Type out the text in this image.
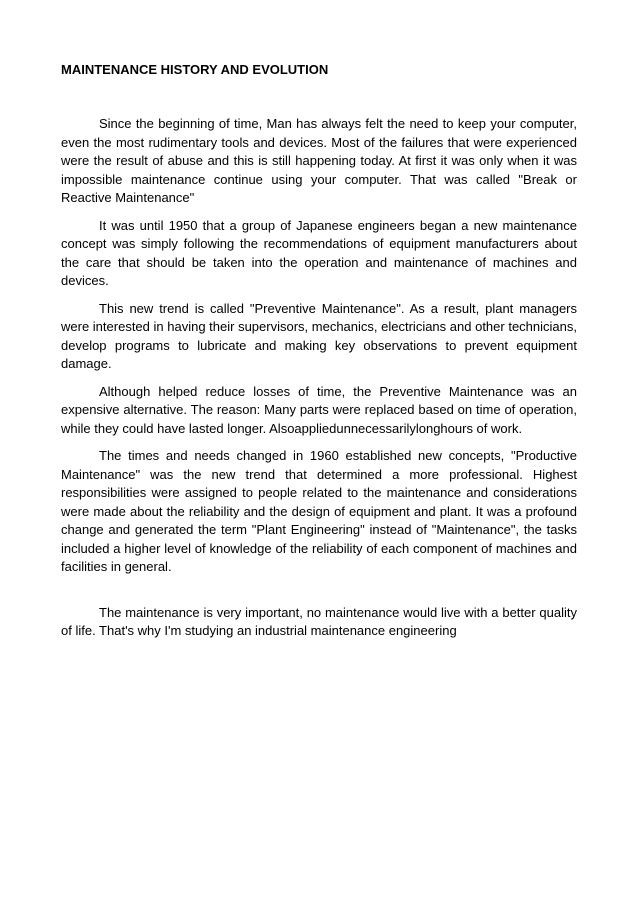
MAINTENANCE HISTORY AND EVOLUTION

Since the beginning of time, Man has always felt the need to keep your computer, even the most rudimentary tools and devices. Most of the failures that were experienced were the result of abuse and this is still happening today. At first it was only when it was impossible maintenance continue using your computer. That was called "Break or Reactive Maintenance"

It was until 1950 that a group of Japanese engineers began a new maintenance concept was simply following the recommendations of equipment manufacturers about the care that should be taken into the operation and maintenance of machines and devices.

This new trend is called "Preventive Maintenance". As a result, plant managers were interested in having their supervisors, mechanics, electricians and other technicians, develop programs to lubricate and making key observations to prevent equipment damage.

Although helped reduce losses of time, the Preventive Maintenance was an expensive alternative. The reason: Many parts were replaced based on time of operation, while they could have lasted longer. Alsoappliedunnecessarilylonghours of work.

The times and needs changed in 1960 established new concepts, "Productive Maintenance" was the new trend that determined a more professional. Highest responsibilities were assigned to people related to the maintenance and considerations were made about the reliability and the design of equipment and plant. It was a profound change and generated the term "Plant Engineering" instead of "Maintenance", the tasks included a higher level of knowledge of the reliability of each component of machines and facilities in general.

The maintenance is very important, no maintenance would live with a better quality of life. That's why I'm studying an industrial maintenance engineering
